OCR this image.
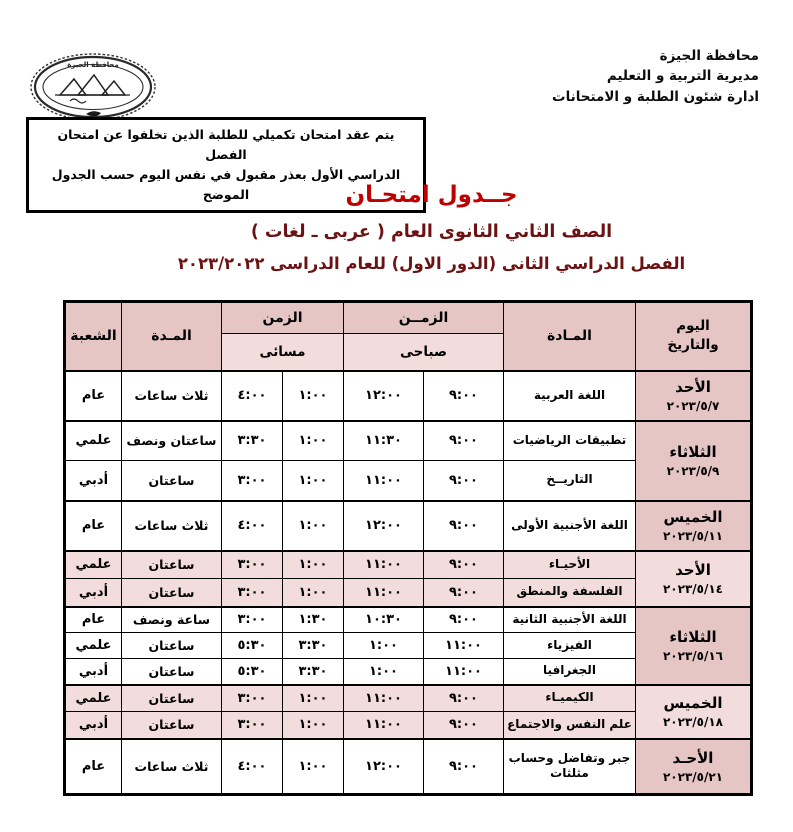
محافظة الجيزة
مديرية التربية و التعليم
ادارة شئون الطلبة و الامتحانات
محافظة الجيزة
يتم عقد امتحان تكميلي للطلبة الذين تخلفوا عن امتحان الفصل
الدراسي الأول بعذر مقبول في نفس اليوم حسب الجدول الموضح	جــدول امتحـان
الصف الثاني الثانوى العام ( عربى ـ لغات )
الفصل الدراسي الثانى (الدور الاول) للعام الدراسى ٢٠٢٣/٢٠٢٢
اليوم والتاريخ	المـادة	الزمــن		الزمن		المـدة	الشعبة
		صباحى		مسائى			

الأحد
٢٠٢٣/٥/٧	اللغة العربية	٩:٠٠	١٢:٠٠	١:٠٠	٤:٠٠	ثلاث ساعات	عام

الثلاثاء
٢٠٢٣/٥/٩	تطبيقات الرياضيات	٩:٠٠	١١:٣٠	١:٠٠	٣:٣٠	ساعتان ونصف	علمي
	التاريــخ	٩:٠٠	١١:٠٠	١:٠٠	٣:٠٠	ساعتان	أدبي

الخميس
٢٠٢٣/٥/١١	اللغة الأجنبية الأولى	٩:٠٠	١٢:٠٠	١:٠٠	٤:٠٠	ثلاث ساعات	عام

الأحد
٢٠٢٣/٥/١٤	الأحيـاء	٩:٠٠	١١:٠٠	١:٠٠	٣:٠٠	ساعتان	علمي
	الفلسفة والمنطق	٩:٠٠	١١:٠٠	١:٠٠	٣:٠٠	ساعتان	أدبي

الثلاثاء
٢٠٢٣/٥/١٦	اللغة الأجنبية الثانية	٩:٠٠	١٠:٣٠	١:٣٠	٣:٠٠	ساعة ونصف	عام
	الفيزياء	١١:٠٠	١:٠٠	٣:٣٠	٥:٣٠	ساعتان	علمي
	الجغرافيا	١١:٠٠	١:٠٠	٣:٣٠	٥:٣٠	ساعتان	أدبي

الخميس
٢٠٢٣/٥/١٨	الكيميـاء	٩:٠٠	١١:٠٠	١:٠٠	٣:٠٠	ساعتان	علمي
	علم النفس والاجتماع	٩:٠٠	١١:٠٠	١:٠٠	٣:٠٠	ساعتان	أدبي

الأحـد
٢٠٢٣/٥/٢١	جبر وتفاضل وحساب مثلثات	٩:٠٠	١٢:٠٠	١:٠٠	٤:٠٠	ثلاث ساعات	عام
